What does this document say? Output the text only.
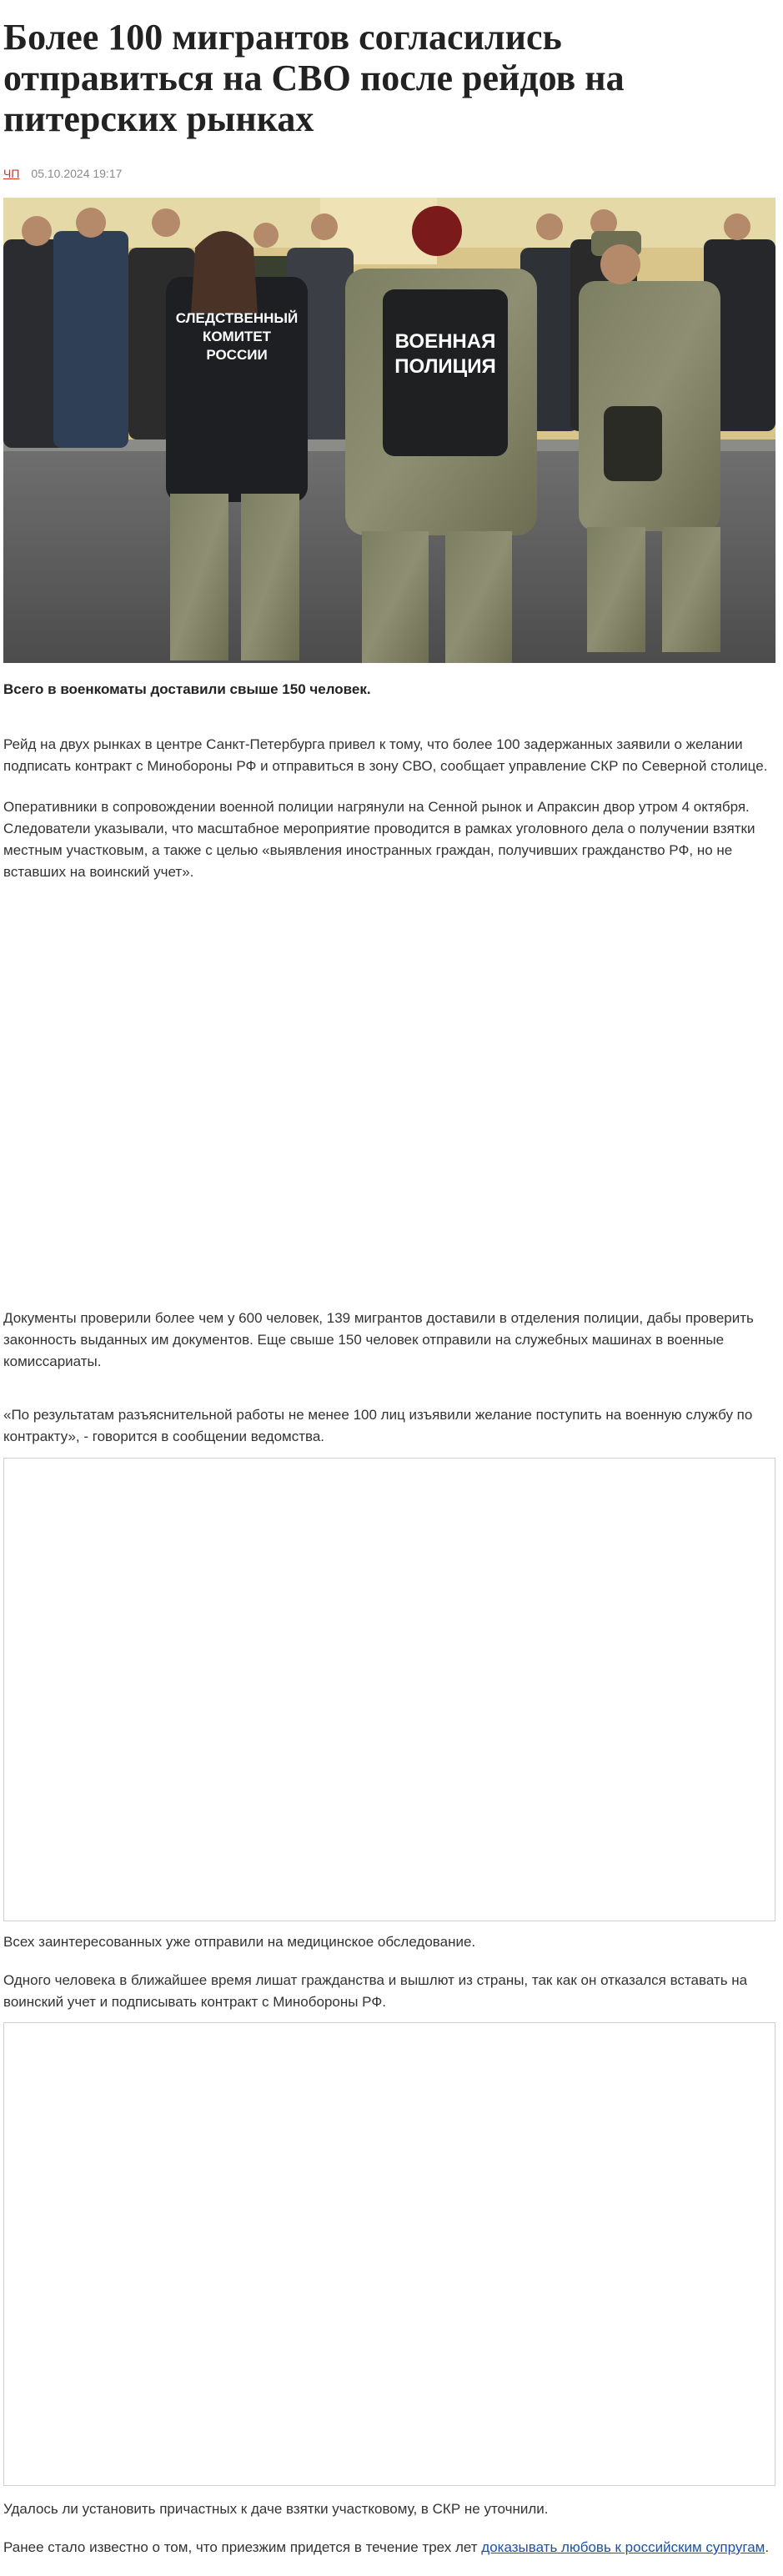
Более 100 мигрантов согласились отправиться на СВО после рейдов на питерских рынках
ЧП 05.10.2024 19:17
СЛЕДСТВЕННЫЙ
КОМИТЕТ
РОССИИ
ВОЕННАЯ
ПОЛИЦИЯ
Всего в военкоматы доставили свыше 150 человек.

Рейд на двух рынках в центре Санкт-Петербурга привел к тому, что более 100 задержанных заявили о желании подписать контракт с Минобороны РФ и отправиться в зону СВО, сообщает управление СКР по Северной столице.

Оперативники в сопровождении военной полиции нагрянули на Сенной рынок и Апраксин двор утром 4 октября. Следователи указывали, что масштабное мероприятие проводится в рамках уголовного дела о получении взятки местным участковым, а также с целью «выявления иностранных граждан, получивших гражданство РФ, но не вставших на воинский учет».

Документы проверили более чем у 600 человек, 139 мигрантов доставили в отделения полиции, дабы проверить законность выданных им документов. Еще свыше 150 человек отправили на служебных машинах в военные комиссариаты.

«По результатам разъяснительной работы не менее 100 лиц изъявили желание поступить на военную службу по контракту», - говорится в сообщении ведомства.

Всех заинтересованных уже отправили на медицинское обследование.

Одного человека в ближайшее время лишат гражданства и вышлют из страны, так как он отказался вставать на воинский учет и подписывать контракт с Минобороны РФ.

Удалось ли установить причастных к даче взятки участковому, в СКР не уточнили.

Ранее стало известно о том, что приезжим придется в течение трех лет доказывать любовь к российским супругам.
